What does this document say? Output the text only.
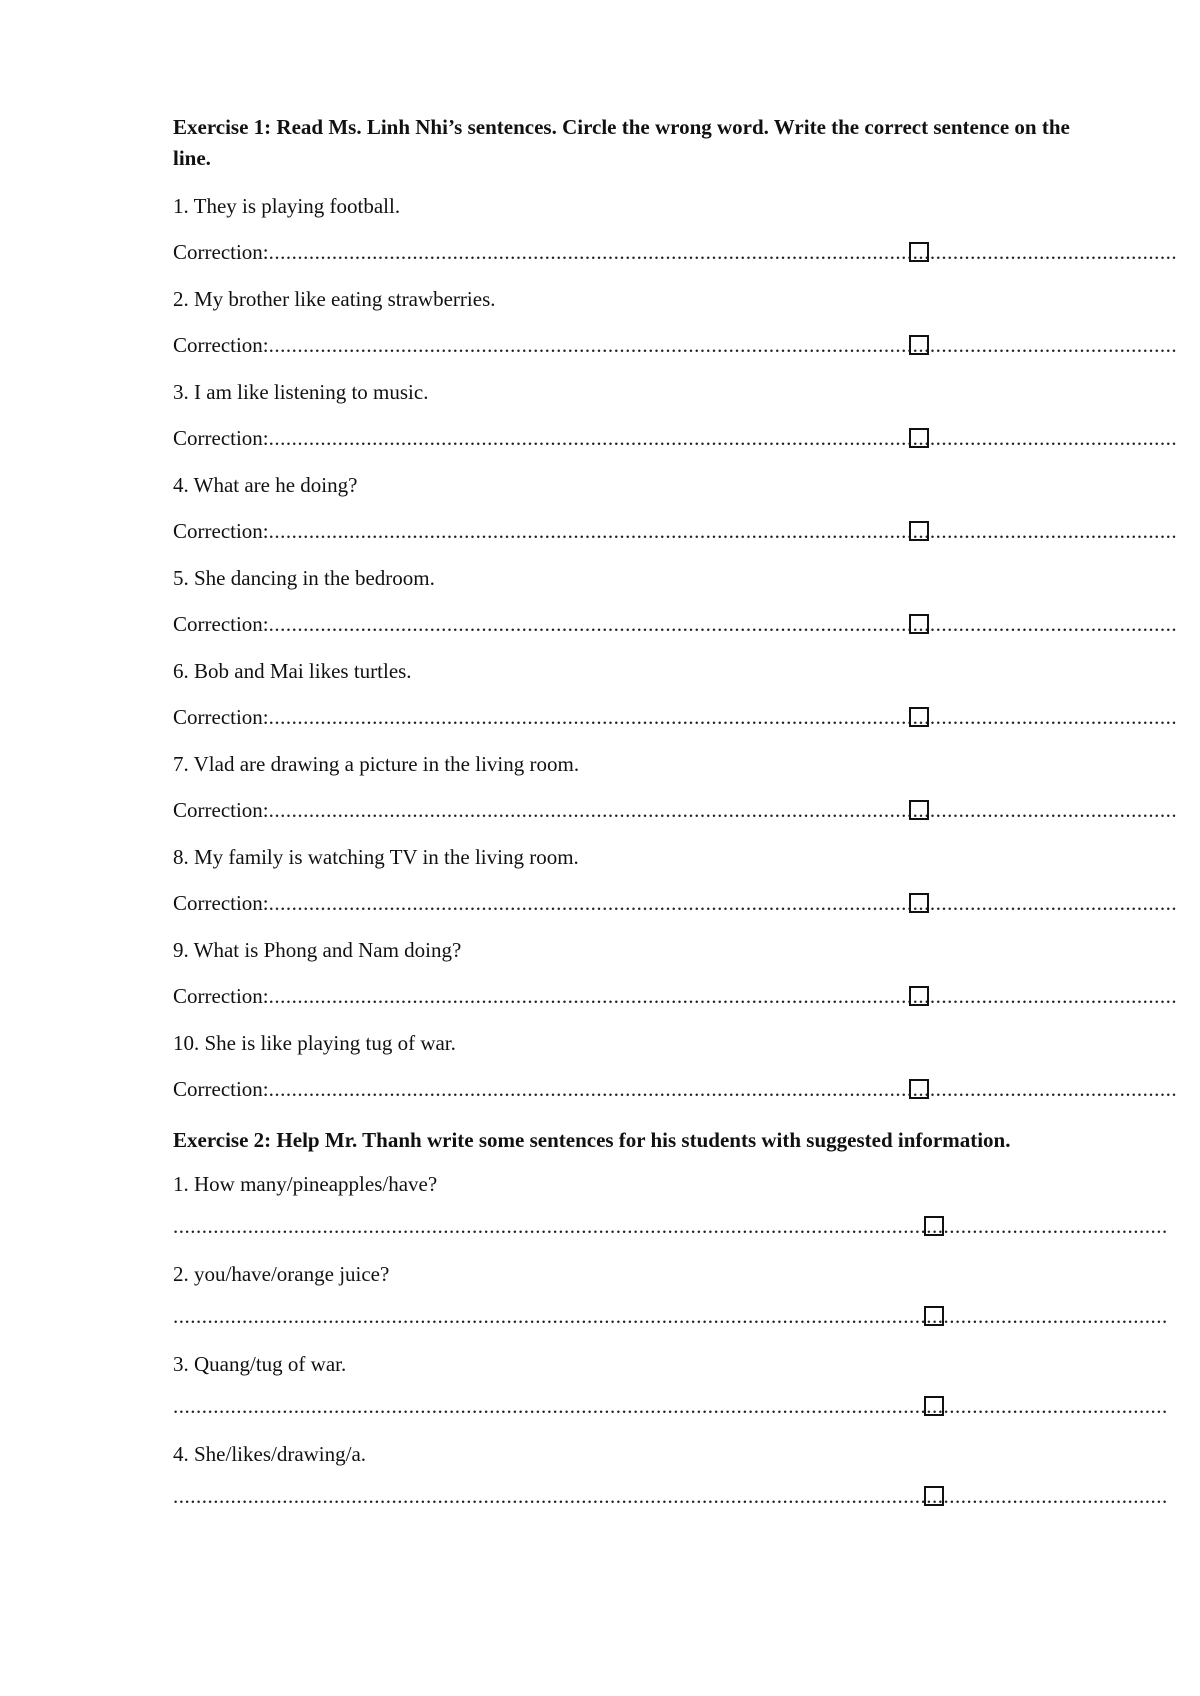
Exercise 1: Read Ms. Linh Nhi’s sentences. Circle the wrong word. Write the correct sentence on the line.

1. They is playing football.

Correction: ..............................................................................................................................................................

2. My brother like eating strawberries.

Correction: ..............................................................................................................................................................

3. I am like listening to music.

Correction: ..............................................................................................................................................................

4. What are he doing?

Correction: ..............................................................................................................................................................

5. She dancing in the bedroom.

Correction: ..............................................................................................................................................................

6. Bob and Mai likes turtles.

Correction: ..............................................................................................................................................................

7. Vlad are drawing a picture in the living room.

Correction: ..............................................................................................................................................................

8. My family is watching TV in the living room.

Correction: ..............................................................................................................................................................

9. What is Phong and Nam doing?

Correction: ..............................................................................................................................................................

10. She is like playing tug of war.

Correction: ..............................................................................................................................................................

Exercise 2: Help Mr. Thanh write some sentences for his students with suggested information.

1. How many/pineapples/have?

.............................................................................................................................................................................

2. you/have/orange juice?

.............................................................................................................................................................................

3. Quang/tug of war.

.............................................................................................................................................................................

4. She/likes/drawing/a.

.............................................................................................................................................................................
